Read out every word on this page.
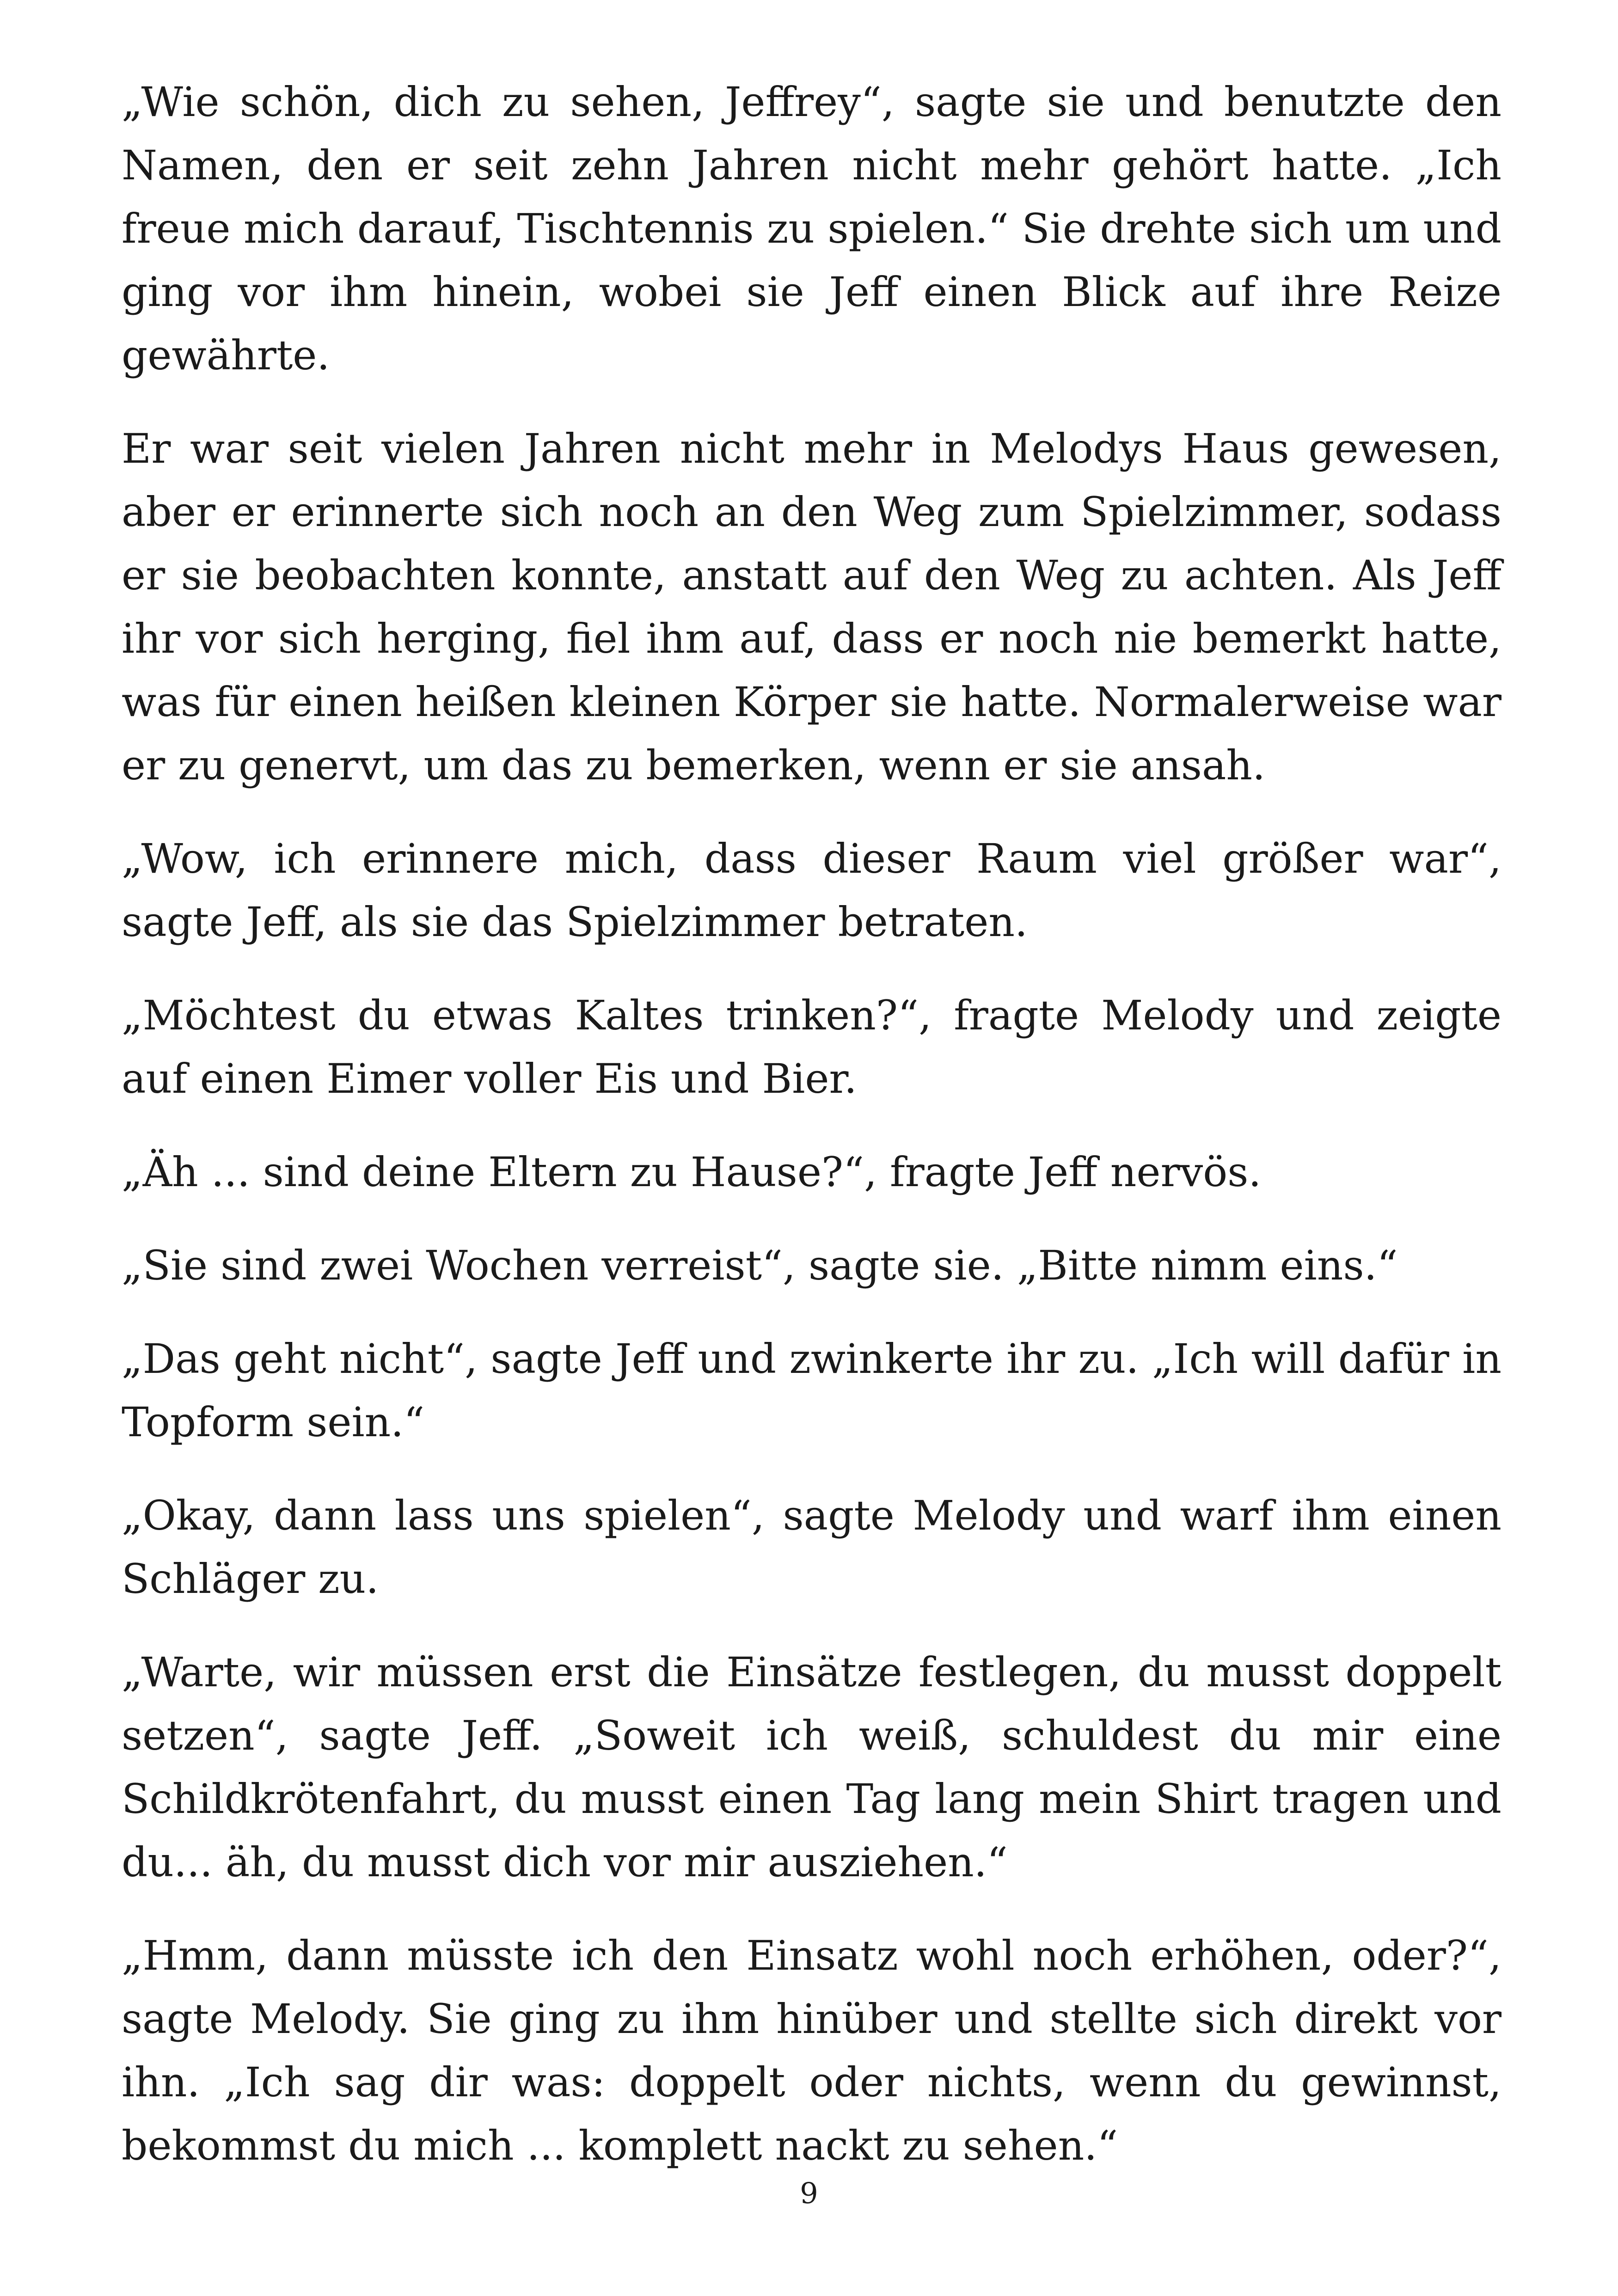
„Wie schön, dich zu sehen, Jeffrey“, sagte sie und benutzte den Namen, den er seit zehn Jahren nicht mehr gehört hatte. „Ich freue mich darauf, Tischtennis zu spielen.“ Sie drehte sich um und ging vor ihm hinein, wobei sie Jeff einen Blick auf ihre Reize gewährte.

Er war seit vielen Jahren nicht mehr in Melodys Haus gewesen, aber er erinnerte sich noch an den Weg zum Spielzimmer, sodass er sie beobachten konnte, anstatt auf den Weg zu achten. Als Jeff ihr vor sich herging, fiel ihm auf, dass er noch nie bemerkt hatte, was für einen heißen kleinen Körper sie hatte. Normalerweise war er zu genervt, um das zu bemerken, wenn er sie ansah.

„Wow, ich erinnere mich, dass dieser Raum viel größer war“, sagte Jeff, als sie das Spielzimmer betraten.

„Möchtest du etwas Kaltes trinken?“, fragte Melody und zeigte auf einen Eimer voller Eis und Bier.

„Äh ... sind deine Eltern zu Hause?“, fragte Jeff nervös.

„Sie sind zwei Wochen verreist“, sagte sie. „Bitte nimm eins.“

„Das geht nicht“, sagte Jeff und zwinkerte ihr zu. „Ich will dafür in Topform sein.“

„Okay, dann lass uns spielen“, sagte Melody und warf ihm einen Schläger zu.

„Warte, wir müssen erst die Einsätze festlegen, du musst doppelt setzen“, sagte Jeff. „Soweit ich weiß, schuldest du mir eine Schildkrötenfahrt, du musst einen Tag lang mein Shirt tragen und du... äh, du musst dich vor mir ausziehen.“

„Hmm, dann müsste ich den Einsatz wohl noch erhöhen, oder?“, sagte Melody. Sie ging zu ihm hinüber und stellte sich direkt vor ihn. „Ich sag dir was: doppelt oder nichts, wenn du gewinnst, bekommst du mich ... komplett nackt zu sehen.“

9
